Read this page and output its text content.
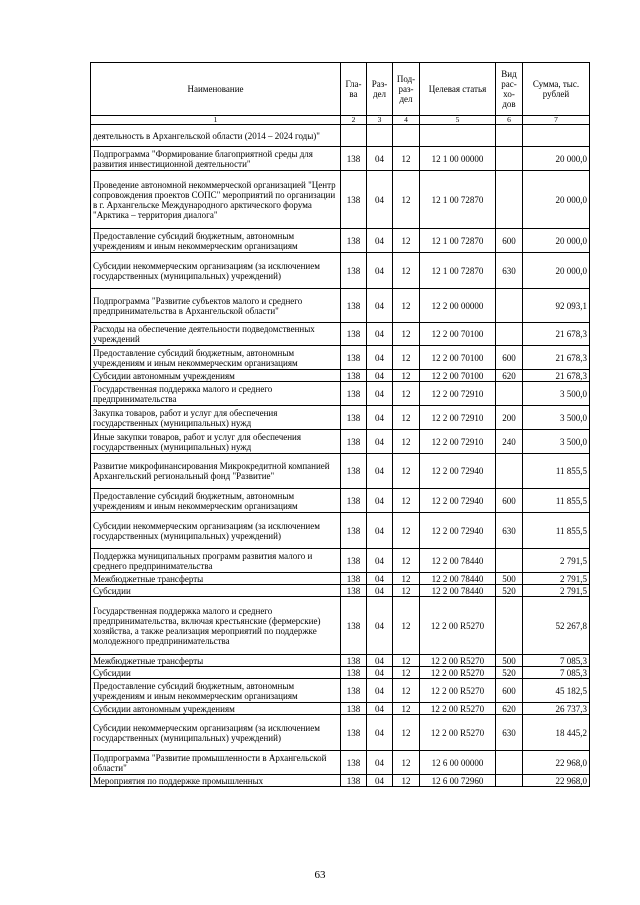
Наименование	Гла-ва	Раз-дел	Под-раз-дел	Целевая статья	Вид рас-хо-дов	Сумма, тыс. рублей
1	2	3	4	5	6	7
деятельность в Архангельской области (2014 – 2024 годы)"						
Подпрограмма "Формирование благоприятной среды для развития инвестиционной деятельности"	138	04	12	12 1 00 00000		20 000,0
Проведение автономной некоммерческой организацией "Центр сопровождения проектов СОПС" мероприятий по организации в г. Архангельске Международного арктического форума "Арктика – территория диалога"	138	04	12	12 1 00 72870		20 000,0
Предоставление субсидий бюджетным, автономным учреждениям и иным некоммерческим организациям	138	04	12	12 1 00 72870	600	20 000,0
Субсидии некоммерческим организациям (за исключением государственных (муниципальных) учреждений)	138	04	12	12 1 00 72870	630	20 000,0
Подпрограмма "Развитие субъектов малого и среднего предпринимательства в Архангельской области"	138	04	12	12 2 00 00000		92 093,1
Расходы на обеспечение деятельности подведомственных учреждений	138	04	12	12 2 00 70100		21 678,3
Предоставление субсидий бюджетным, автономным учреждениям и иным некоммерческим организациям	138	04	12	12 2 00 70100	600	21 678,3
Субсидии автономным учреждениям	138	04	12	12 2 00 70100	620	21 678,3
Государственная поддержка малого и среднего предпринимательства	138	04	12	12 2 00 72910		3 500,0
Закупка товаров, работ и услуг для обеспечения государственных (муниципальных) нужд	138	04	12	12 2 00 72910	200	3 500,0
Иные закупки товаров, работ и услуг для обеспечения государственных (муниципальных) нужд	138	04	12	12 2 00 72910	240	3 500,0
Развитие микрофинансирования Микрокредитной компанией Архангельский региональный фонд "Развитие"	138	04	12	12 2 00 72940		11 855,5
Предоставление субсидий бюджетным, автономным учреждениям и иным некоммерческим организациям	138	04	12	12 2 00 72940	600	11 855,5
Субсидии некоммерческим организациям (за исключением государственных (муниципальных) учреждений)	138	04	12	12 2 00 72940	630	11 855,5
Поддержка муниципальных программ развития малого и среднего предпринимательства	138	04	12	12 2 00 78440		2 791,5
Межбюджетные трансферты	138	04	12	12 2 00 78440	500	2 791,5
Субсидии	138	04	12	12 2 00 78440	520	2 791,5
Государственная поддержка малого и среднего предпринимательства, включая крестьянские (фермерские) хозяйства, а также реализация мероприятий по поддержке молодежного предпринимательства	138	04	12	12 2 00 R5270		52 267,8
Межбюджетные трансферты	138	04	12	12 2 00 R5270	500	7 085,3
Субсидии	138	04	12	12 2 00 R5270	520	7 085,3
Предоставление субсидий бюджетным, автономным учреждениям и иным некоммерческим организациям	138	04	12	12 2 00 R5270	600	45 182,5
Субсидии автономным учреждениям	138	04	12	12 2 00 R5270	620	26 737,3
Субсидии некоммерческим организациям (за исключением государственных (муниципальных) учреждений)	138	04	12	12 2 00 R5270	630	18 445,2
Подпрограмма "Развитие промышленности в Архангельской области"	138	04	12	12 6 00 00000		22 968,0
Мероприятия по поддержке промышленных	138	04	12	12 6 00 72960		22 968,0
63
